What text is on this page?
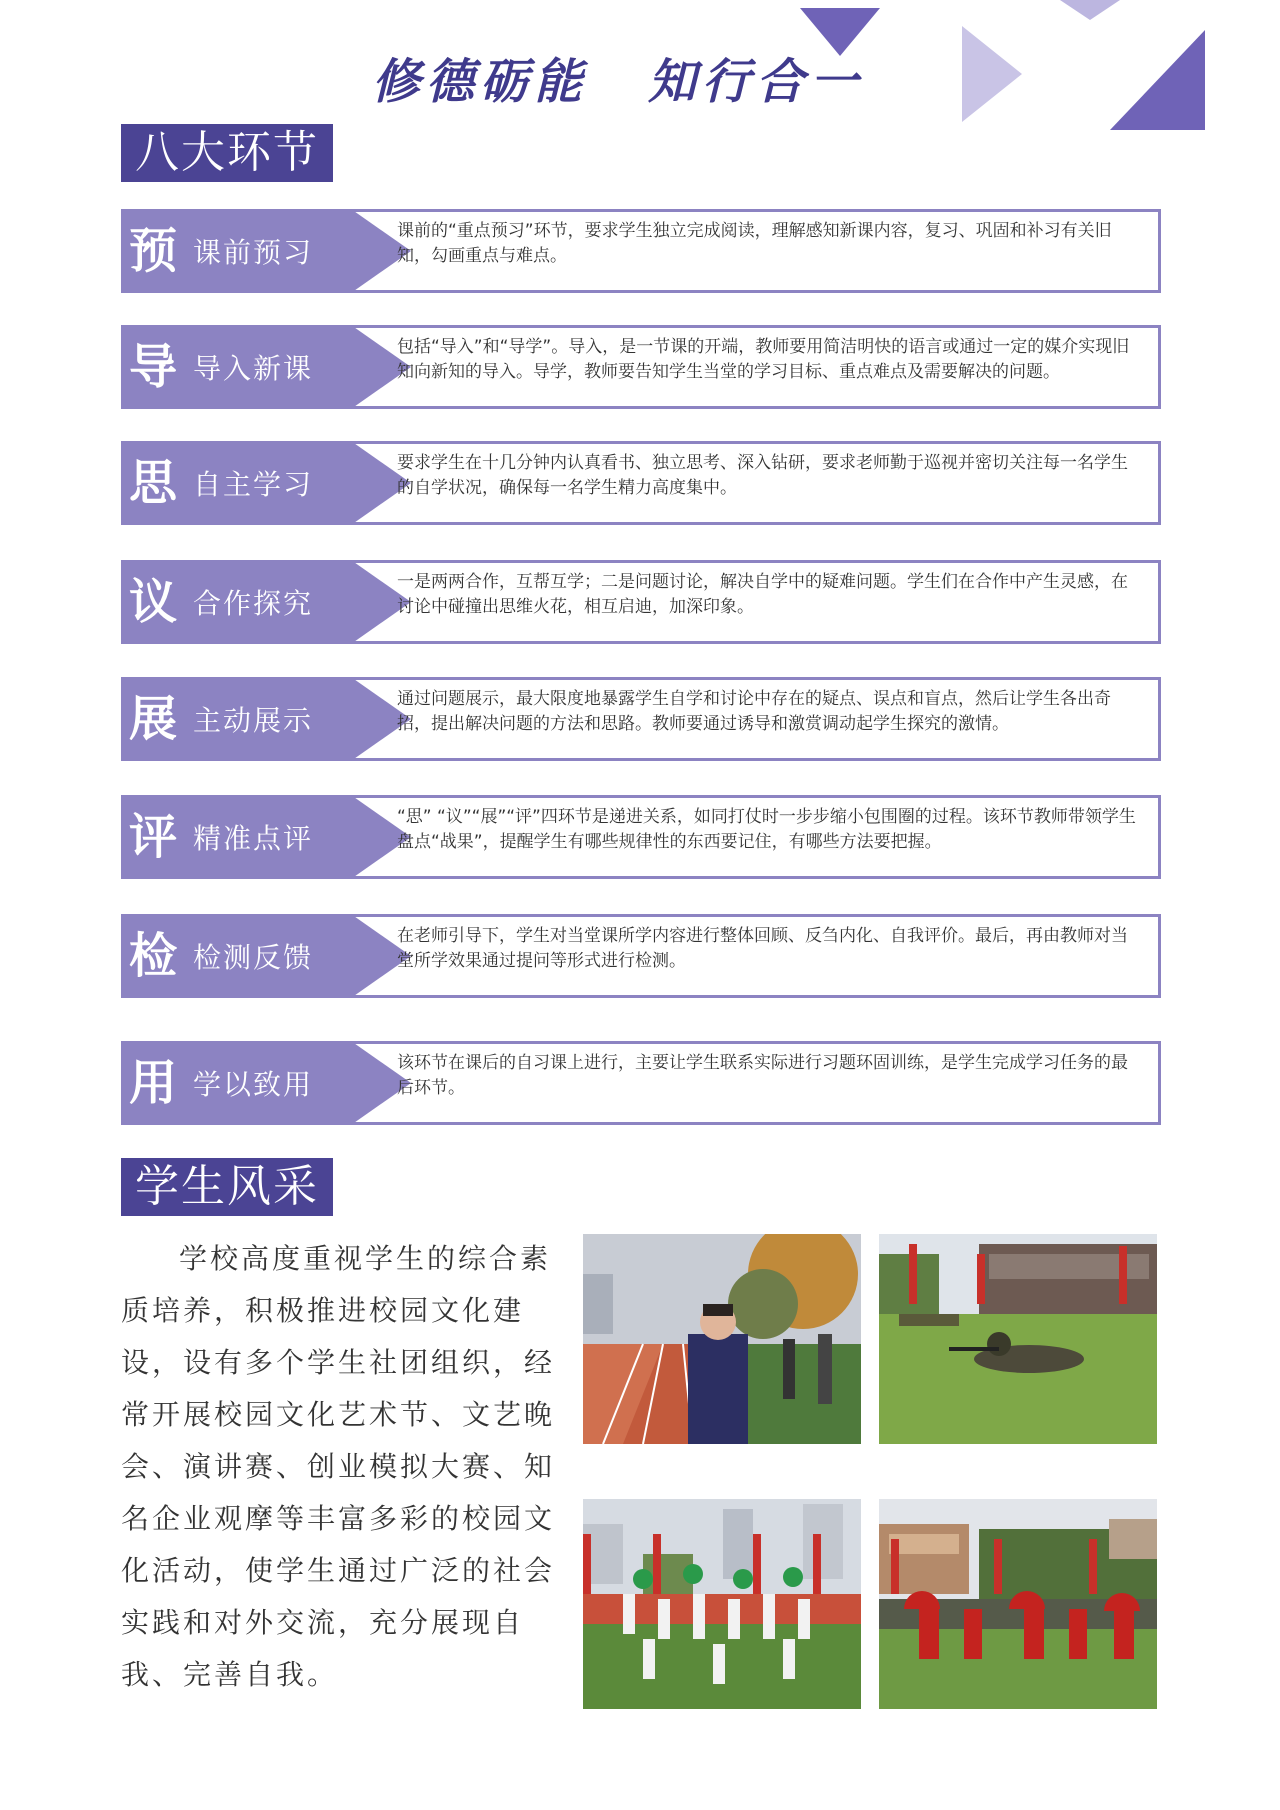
修德砺能 知行合一
八大环节
预 课前预习
课前的“重点预习”环节，要求学生独立完成阅读，理解感知新课内容，复习、巩固和补习有关旧知，勾画重点与难点。
导 导入新课
包括“导入”和“导学”。导入，是一节课的开端，教师要用简洁明快的语言或通过一定的媒介实现旧知向新知的导入。导学，教师要告知学生当堂的学习目标、重点难点及需要解决的问题。
思 自主学习
要求学生在十几分钟内认真看书、独立思考、深入钻研，要求老师勤于巡视并密切关注每一名学生的自学状况，确保每一名学生精力高度集中。
议 合作探究
一是两两合作，互帮互学；二是问题讨论，解决自学中的疑难问题。学生们在合作中产生灵感，在讨论中碰撞出思维火花，相互启迪，加深印象。
展 主动展示
通过问题展示，最大限度地暴露学生自学和讨论中存在的疑点、误点和盲点，然后让学生各出奇招，提出解决问题的方法和思路。教师要通过诱导和激赏调动起学生探究的激情。
评 精准点评
“思” “议”“展”“评”四环节是递进关系，如同打仗时一步步缩小包围圈的过程。该环节教师带领学生盘点“战果”，提醒学生有哪些规律性的东西要记住，有哪些方法要把握。
检 检测反馈
在老师引导下，学生对当堂课所学内容进行整体回顾、反刍内化、自我评价。最后，再由教师对当堂所学效果通过提问等形式进行检测。
用 学以致用
该环节在课后的自习课上进行，主要让学生联系实际进行习题环固训练，是学生完成学习任务的最后环节。
学生风采
学校高度重视学生的综合素质培养，积极推进校园文化建设，设有多个学生社团组织，经常开展校园文化艺术节、文艺晚会、演讲赛、创业模拟大赛、知名企业观摩等丰富多彩的校园文化活动，使学生通过广泛的社会实践和对外交流，充分展现自我、完善自我。
